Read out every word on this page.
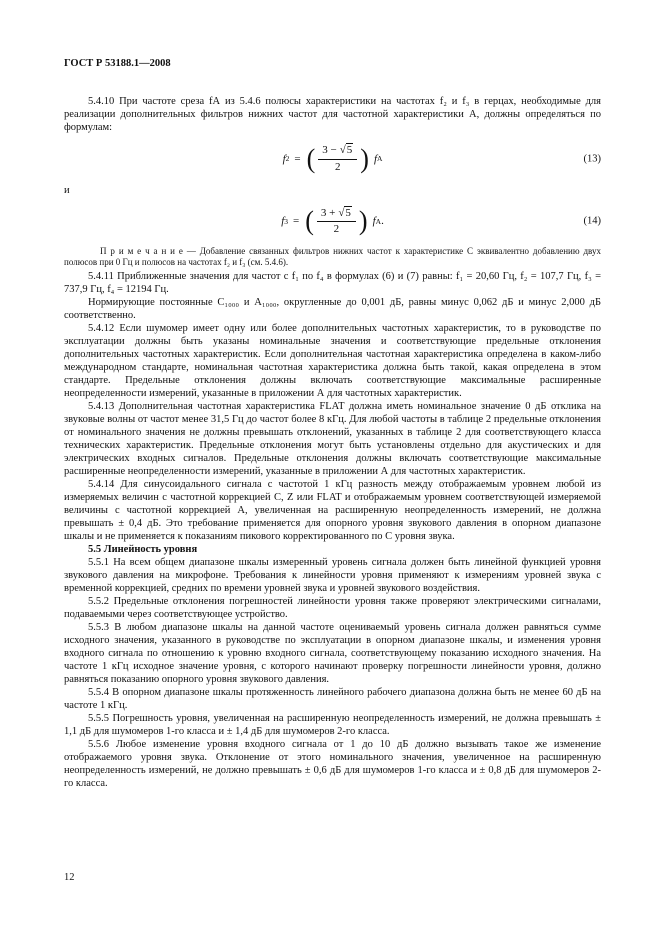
ГОСТ Р 53188.1—2008

5.4.10 При частоте среза fА из 5.4.6 полюсы характеристики на частотах f₂ и f₃ в герцах, необходимые для реализации дополнительных фильтров нижних частот для частотной характеристики А, должны определяться по формулам:

f 2 = ( $\frac{3 - √ 5}{2}$ ) f A	(13)

и

f 3 = ( $\frac{3 + √ 5}{2}$ ) f A .	(14)

П р и м е ч а н и е — Добавление связанных фильтров нижних частот к характеристике С эквивалентно добавлению двух полюсов при 0 Гц и полюсов на частотах f₂ и f₃ (см. 5.4.6).

5.4.11 Приближенные значения для частот с f₁ по f₄ в формулах (6) и (7) равны: f₁ = 20,60 Гц, f₂ = 107,7 Гц, f₃ = 737,9 Гц, f₄ = 12194 Гц.

Нормирующие постоянные С₁₀₀₀ и А₁₀₀₀, округленные до 0,001 дБ, равны минус 0,062 дБ и минус 2,000 дБ соответственно.

5.4.12 Если шумомер имеет одну или более дополнительных частотных характеристик, то в руководстве по эксплуатации должны быть указаны номинальные значения и соответствующие предельные отклонения дополнительных частотных характеристик. Если дополнительная частотная характеристика определена в каком-либо международном стандарте, номинальная частотная характеристика должна быть такой, какая определена в этом стандарте. Предельные отклонения должны включать соответствующие максимальные расширенные неопределенности измерений, указанные в приложении А для частотных характеристик.

5.4.13 Дополнительная частотная характеристика FLAT должна иметь номинальное значение 0 дБ отклика на звуковые волны от частот менее 31,5 Гц до частот более 8 кГц. Для любой частоты в таблице 2 предельные отклонения от номинального значения не должны превышать отклонений, указанных в таблице 2 для соответствующего класса технических характеристик. Предельные отклонения могут быть установлены отдельно для акустических и для электрических входных сигналов. Предельные отклонения должны включать соответствующие максимальные расширенные неопределенности измерений, указанные в приложении А для частотных характеристик.

5.4.14 Для синусоидального сигнала с частотой 1 кГц разность между отображаемым уровнем любой из измеряемых величин с частотной коррекцией C, Z или FLAT и отображаемым уровнем соответствующей измеряемой величины с частотной коррекцией А, увеличенная на расширенную неопределенность измерений, не должна превышать ± 0,4 дБ. Это требование применяется для опорного уровня звукового давления в опорном диапазоне шкалы и не применяется к показаниям пикового корректированного по С уровня звука.

5.5 Линейность уровня

5.5.1 На всем общем диапазоне шкалы измеренный уровень сигнала должен быть линейной функцией уровня звукового давления на микрофоне. Требования к линейности уровня применяют к измерениям уровней звука с временной коррекцией, средних по времени уровней звука и уровней звукового воздействия.

5.5.2 Предельные отклонения погрешностей линейности уровня также проверяют электрическими сигналами, подаваемыми через соответствующее устройство.

5.5.3 В любом диапазоне шкалы на данной частоте оцениваемый уровень сигнала должен равняться сумме исходного значения, указанного в руководстве по эксплуатации в опорном диапазоне шкалы, и изменения уровня входного сигнала по отношению к уровню входного сигнала, соответствующему показанию исходного значения. На частоте 1 кГц исходное значение уровня, с которого начинают проверку погрешности линейности уровня, должно равняться показанию опорного уровня звукового давления.

5.5.4 В опорном диапазоне шкалы протяженность линейного рабочего диапазона должна быть не менее 60 дБ на частоте 1 кГц.

5.5.5 Погрешность уровня, увеличенная на расширенную неопределенность измерений, не должна превышать ± 1,1 дБ для шумомеров 1-го класса и ± 1,4 дБ для шумомеров 2-го класса.

5.5.6 Любое изменение уровня входного сигнала от 1 до 10 дБ должно вызывать такое же изменение отображаемого уровня звука. Отклонение от этого номинального значения, увеличенное на расширенную неопределенность измерений, не должно превышать ± 0,6 дБ для шумомеров 1-го класса и ± 0,8 дБ для шумомеров 2-го класса.

12
